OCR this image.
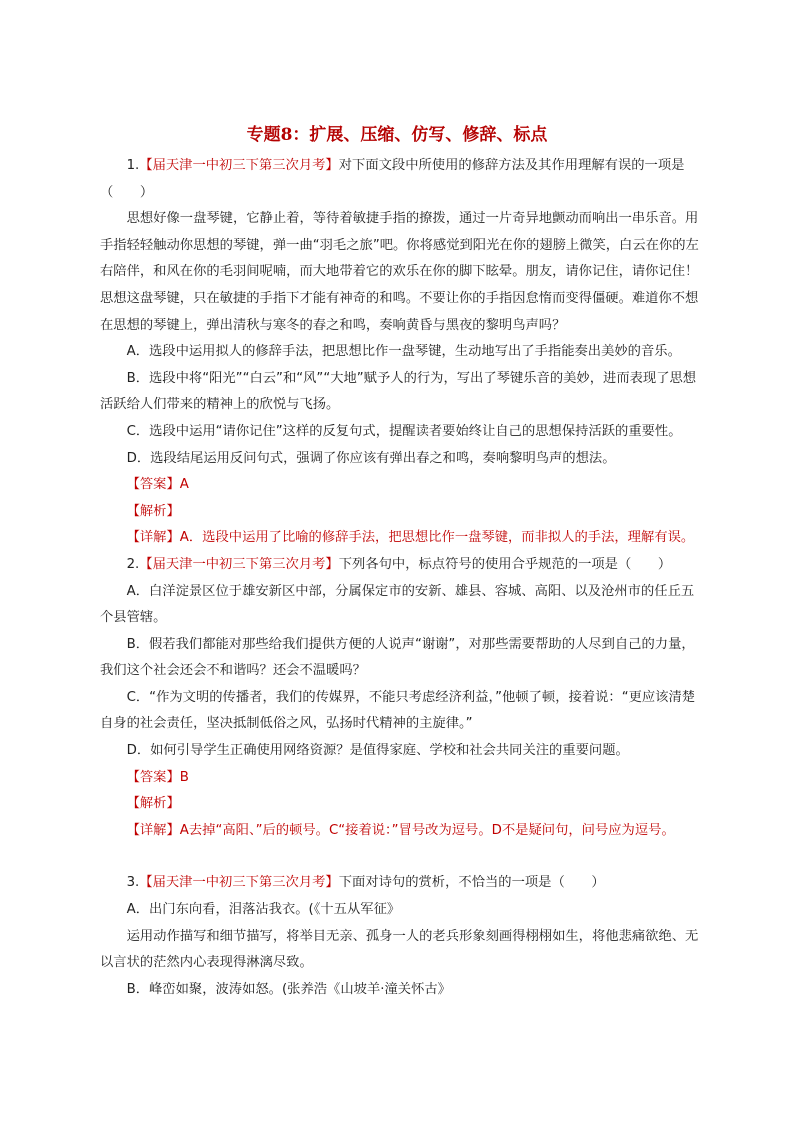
专题8：扩展、压缩、仿写、修辞、标点

1.【届天津一中初三下第三次月考】对下面文段中所使用的修辞方法及其作用理解有误的一项是

（　　）

思想好像一盘琴键，它静止着，等待着敏捷手指的撩拨，通过一片奇异地颤动而响出一串乐音。用手指轻轻触动你思想的琴键，弹一曲“羽毛之旅”吧。你将感觉到阳光在你的翅膀上微笑，白云在你的左右陪伴，和风在你的毛羽间呢喃，而大地带着它的欢乐在你的脚下眩晕。朋友，请你记住，请你记住！思想这盘琴键，只在敏捷的手指下才能有神奇的和鸣。不要让你的手指因怠惰而变得僵硬。难道你不想在思想的琴键上，弹出清秋与寒冬的春之和鸣，奏响黄昏与黑夜的黎明鸟声吗？

A．选段中运用拟人的修辞手法，把思想比作一盘琴键，生动地写出了手指能奏出美妙的音乐。

B．选段中将“阳光”“白云”和“风”“大地”赋予人的行为，写出了琴键乐音的美妙，进而表现了思想活跃给人们带来的精神上的欣悦与飞扬。

C．选段中运用“请你记住”这样的反复句式，提醒读者要始终让自己的思想保持活跃的重要性。

D．选段结尾运用反问句式，强调了你应该有弹出春之和鸣，奏响黎明鸟声的想法。

【答案】A

【解析】

【详解】A．选段中运用了比喻的修辞手法，把思想比作一盘琴键，而非拟人的手法，理解有误。

2.【届天津一中初三下第三次月考】下列各句中，标点符号的使用合乎规范的一项是（　　）

A．白洋淀景区位于雄安新区中部，分属保定市的安新、雄县、容城、高阳、以及沧州市的任丘五个县管辖。

B．假若我们都能对那些给我们提供方便的人说声“谢谢”，对那些需要帮助的人尽到自己的力量，我们这个社会还会不和谐吗？还会不温暖吗？

C．“作为文明的传播者，我们的传媒界，不能只考虑经济利益，”他顿了顿，接着说：“更应该清楚自身的社会责任，坚决抵制低俗之风，弘扬时代精神的主旋律。”

D．如何引导学生正确使用网络资源？是值得家庭、学校和社会共同关注的重要问题。

【答案】B

【解析】

【详解】A去掉“高阳、”后的顿号。C“接着说：”冒号改为逗号。D不是疑问句，问号应为逗号。

3.【届天津一中初三下第三次月考】下面对诗句的赏析，不恰当的一项是（　　）

A．出门东向看，泪落沾我衣。(《十五从军征》

运用动作描写和细节描写，将举目无亲、孤身一人的老兵形象刻画得栩栩如生，将他悲痛欲绝、无以言状的茫然内心表现得淋漓尽致。

B．峰峦如聚，波涛如怒。(张养浩《山坡羊·潼关怀古》
